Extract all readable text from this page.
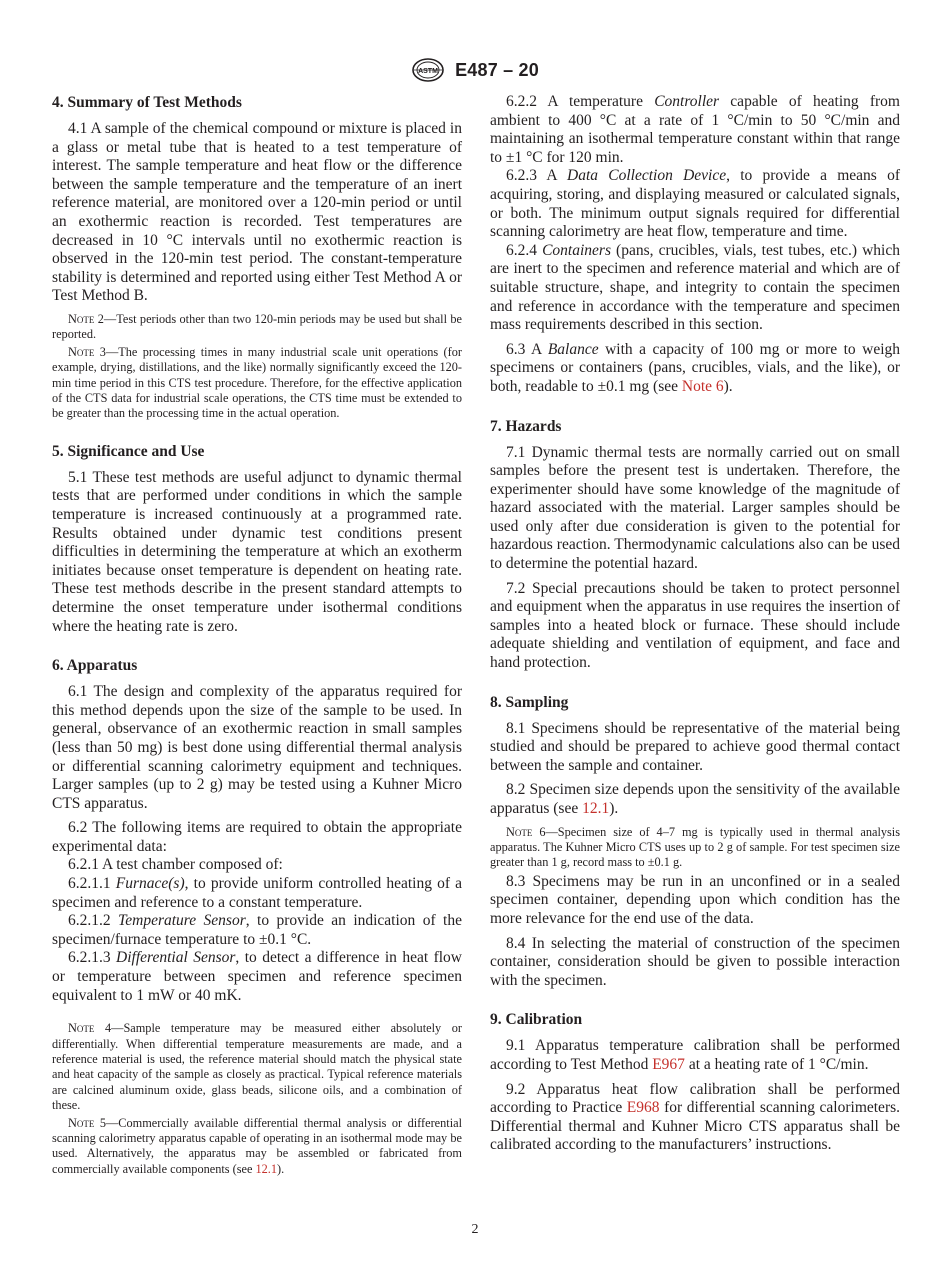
ASTM E487 – 20
4. Summary of Test Methods
4.1 A sample of the chemical compound or mixture is placed in a glass or metal tube that is heated to a test temperature of interest. The sample temperature and heat flow or the difference between the sample temperature and the temperature of an inert reference material, are monitored over a 120-min period or until an exothermic reaction is recorded. Test temperatures are decreased in 10 °C intervals until no exothermic reaction is observed in the 120-min test period. The constant-temperature stability is determined and reported using either Test Method A or Test Method B.
Note 2—Test periods other than two 120-min periods may be used but shall be reported.
Note 3—The processing times in many industrial scale unit operations (for example, drying, distillations, and the like) normally significantly exceed the 120-min time period in this CTS test procedure. Therefore, for the effective application of the CTS data for industrial scale operations, the CTS time must be extended to be greater than the processing time in the actual operation.
5. Significance and Use
5.1 These test methods are useful adjunct to dynamic thermal tests that are performed under conditions in which the sample temperature is increased continuously at a programmed rate. Results obtained under dynamic test conditions present difficulties in determining the temperature at which an exotherm initiates because onset temperature is dependent on heating rate. These test methods describe in the present standard attempts to determine the onset temperature under isothermal conditions where the heating rate is zero.
6. Apparatus
6.1 The design and complexity of the apparatus required for this method depends upon the size of the sample to be used. In general, observance of an exothermic reaction in small samples (less than 50 mg) is best done using differential thermal analysis or differential scanning calorimetry equipment and techniques. Larger samples (up to 2 g) may be tested using a Kuhner Micro CTS apparatus.
6.2 The following items are required to obtain the appropriate experimental data:
6.2.1 A test chamber composed of:
6.2.1.1 Furnace(s), to provide uniform controlled heating of a specimen and reference to a constant temperature.
6.2.1.2 Temperature Sensor, to provide an indication of the specimen/furnace temperature to ±0.1 °C.
6.2.1.3 Differential Sensor, to detect a difference in heat flow or temperature between specimen and reference specimen equivalent to 1 mW or 40 mK.
Note 4—Sample temperature may be measured either absolutely or differentially. When differential temperature measurements are made, and a reference material is used, the reference material should match the physical state and heat capacity of the sample as closely as practical. Typical reference materials are calcined aluminum oxide, glass beads, silicone oils, and a combination of these.
Note 5—Commercially available differential thermal analysis or differential scanning calorimetry apparatus capable of operating in an isothermal mode may be used. Alternatively, the apparatus may be assembled or fabricated from commercially available components (see 12.1).
6.2.2 A temperature Controller capable of heating from ambient to 400 °C at a rate of 1 °C/min to 50 °C/min and maintaining an isothermal temperature constant within that range to ±1 °C for 120 min.
6.2.3 A Data Collection Device, to provide a means of acquiring, storing, and displaying measured or calculated signals, or both. The minimum output signals required for differential scanning calorimetry are heat flow, temperature and time.
6.2.4 Containers (pans, crucibles, vials, test tubes, etc.) which are inert to the specimen and reference material and which are of suitable structure, shape, and integrity to contain the specimen and reference in accordance with the temperature and specimen mass requirements described in this section.
6.3 A Balance with a capacity of 100 mg or more to weigh specimens or containers (pans, crucibles, vials, and the like), or both, readable to ±0.1 mg (see Note 6).
7. Hazards
7.1 Dynamic thermal tests are normally carried out on small samples before the present test is undertaken. Therefore, the experimenter should have some knowledge of the magnitude of hazard associated with the material. Larger samples should be used only after due consideration is given to the potential for hazardous reaction. Thermodynamic calculations also can be used to determine the potential hazard.
7.2 Special precautions should be taken to protect personnel and equipment when the apparatus in use requires the insertion of samples into a heated block or furnace. These should include adequate shielding and ventilation of equipment, and face and hand protection.
8. Sampling
8.1 Specimens should be representative of the material being studied and should be prepared to achieve good thermal contact between the sample and container.
8.2 Specimen size depends upon the sensitivity of the available apparatus (see 12.1).
Note 6—Specimen size of 4–7 mg is typically used in thermal analysis apparatus. The Kuhner Micro CTS uses up to 2 g of sample. For test specimen size greater than 1 g, record mass to ±0.1 g.
8.3 Specimens may be run in an unconfined or in a sealed specimen container, depending upon which condition has the more relevance for the end use of the data.
8.4 In selecting the material of construction of the specimen container, consideration should be given to possible interaction with the specimen.
9. Calibration
9.1 Apparatus temperature calibration shall be performed according to Test Method E967 at a heating rate of 1 °C/min.
9.2 Apparatus heat flow calibration shall be performed according to Practice E968 for differential scanning calorimeters. Differential thermal and Kuhner Micro CTS apparatus shall be calibrated according to the manufacturers’ instructions.
2
